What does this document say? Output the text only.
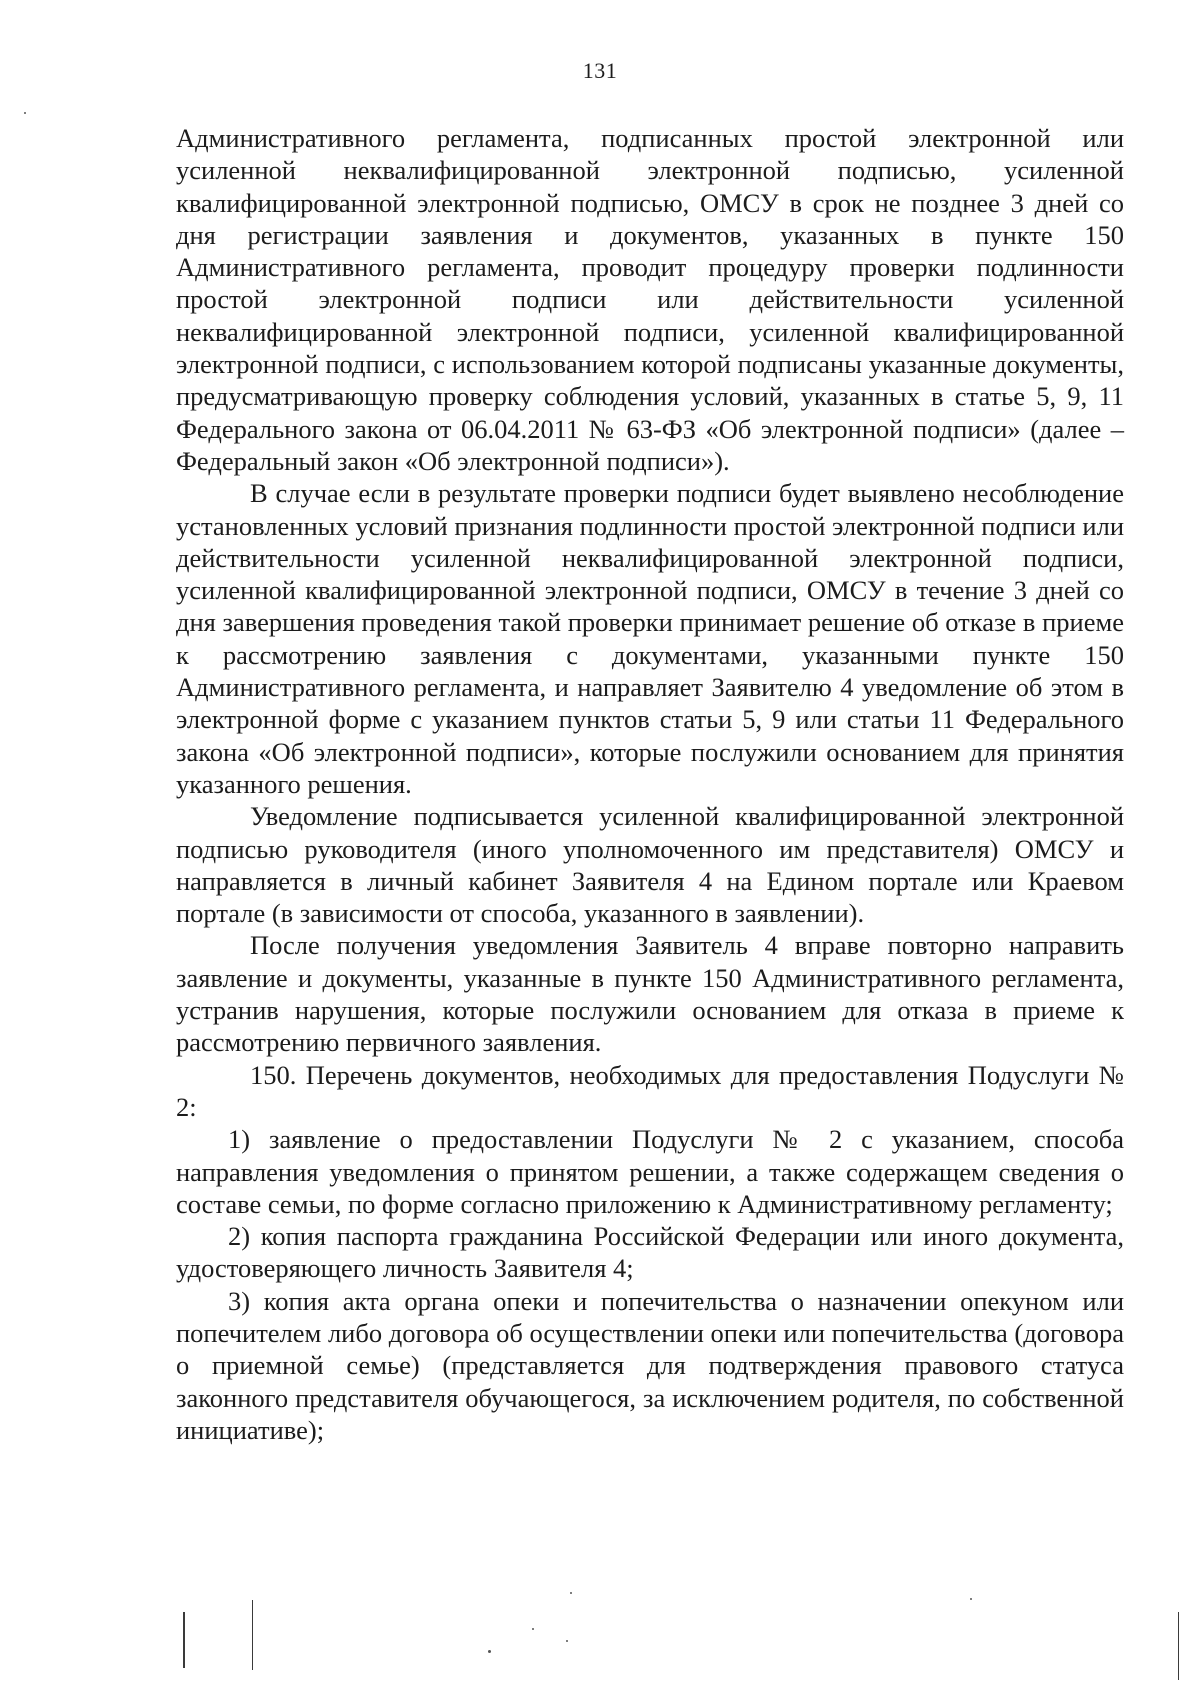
131

Административного регламента, подписанных простой электронной или усиленной неквалифицированной электронной подписью, усиленной квалифицированной электронной подписью, ОМСУ в срок не позднее 3 дней со дня регистрации заявления и документов, указанных в пункте 150 Административного регламента, проводит процедуру проверки подлинности простой электронной подписи или действительности усиленной неквалифицированной электронной подписи, усиленной квалифицированной электронной подписи, с использованием которой подписаны указанные документы, предусматривающую проверку соблюдения условий, указанных в статье 5, 9, 11 Федерального закона от 06.04.2011 № 63-ФЗ «Об электронной подписи» (далее – Федеральный закон «Об электронной подписи»).

В случае если в результате проверки подписи будет выявлено несоблюдение установленных условий признания подлинности простой электронной подписи или действительности усиленной неквалифицированной электронной подписи, усиленной квалифицированной электронной подписи, ОМСУ в течение 3 дней со дня завершения проведения такой проверки принимает решение об отказе в приеме к рассмотрению заявления с документами, указанными пункте 150 Административного регламента, и направляет Заявителю 4 уведомление об этом в электронной форме с указанием пунктов статьи 5, 9 или статьи 11 Федерального закона «Об электронной подписи», которые послужили основанием для принятия указанного решения.

Уведомление подписывается усиленной квалифицированной электронной подписью руководителя (иного уполномоченного им представителя) ОМСУ и направляется в личный кабинет Заявителя 4 на Едином портале или Краевом портале (в зависимости от способа, указанного в заявлении).

После получения уведомления Заявитель 4 вправе повторно направить заявление и документы, указанные в пункте 150 Административного регламента, устранив нарушения, которые послужили основанием для отказа в приеме к рассмотрению первичного заявления.

150. Перечень документов, необходимых для предоставления Подуслуги № 2:

1) заявление о предоставлении Подуслуги № 2 с указанием, способа направления уведомления о принятом решении, а также содержащем сведения о составе семьи, по форме согласно приложению к Административному регламенту;

2) копия паспорта гражданина Российской Федерации или иного документа, удостоверяющего личность Заявителя 4;

3) копия акта органа опеки и попечительства о назначении опекуном или попечителем либо договора об осуществлении опеки или попечительства (договора о приемной семье) (представляется для подтверждения правового статуса законного представителя обучающегося, за исключением родителя, по собственной инициативе);
